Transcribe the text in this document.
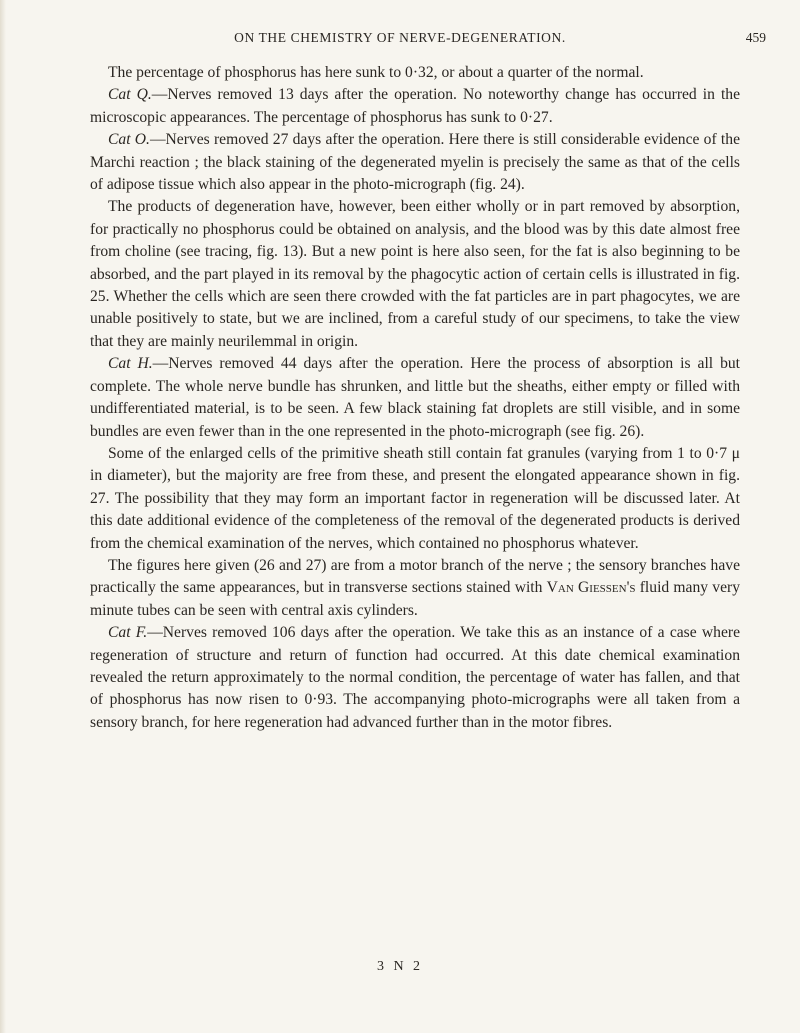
ON THE CHEMISTRY OF NERVE-DEGENERATION.	459

The percentage of phosphorus has here sunk to 0·32, or about a quarter of the normal.

Cat Q.—Nerves removed 13 days after the operation. No noteworthy change has occurred in the microscopic appearances. The percentage of phosphorus has sunk to 0·27.

Cat O.—Nerves removed 27 days after the operation. Here there is still considerable evidence of the Marchi reaction ; the black staining of the degenerated myelin is precisely the same as that of the cells of adipose tissue which also appear in the photo-micrograph (fig. 24).

The products of degeneration have, however, been either wholly or in part removed by absorption, for practically no phosphorus could be obtained on analysis, and the blood was by this date almost free from choline (see tracing, fig. 13). But a new point is here also seen, for the fat is also beginning to be absorbed, and the part played in its removal by the phagocytic action of certain cells is illustrated in fig. 25. Whether the cells which are seen there crowded with the fat particles are in part phagocytes, we are unable positively to state, but we are inclined, from a careful study of our specimens, to take the view that they are mainly neurilemmal in origin.

Cat H.—Nerves removed 44 days after the operation. Here the process of absorption is all but complete. The whole nerve bundle has shrunken, and little but the sheaths, either empty or filled with undifferentiated material, is to be seen. A few black staining fat droplets are still visible, and in some bundles are even fewer than in the one represented in the photo-micrograph (see fig. 26).

Some of the enlarged cells of the primitive sheath still contain fat granules (varying from 1 to 0·7 μ in diameter), but the majority are free from these, and present the elongated appearance shown in fig. 27. The possibility that they may form an important factor in regeneration will be discussed later. At this date additional evidence of the completeness of the removal of the degenerated products is derived from the chemical examination of the nerves, which contained no phosphorus whatever.

The figures here given (26 and 27) are from a motor branch of the nerve ; the sensory branches have practically the same appearances, but in transverse sections stained with Van Giessen's fluid many very minute tubes can be seen with central axis cylinders.

Cat F.—Nerves removed 106 days after the operation. We take this as an instance of a case where regeneration of structure and return of function had occurred. At this date chemical examination revealed the return approximately to the normal condition, the percentage of water has fallen, and that of phosphorus has now risen to 0·93. The accompanying photo-micrographs were all taken from a sensory branch, for here regeneration had advanced further than in the motor fibres.

3 N 2
